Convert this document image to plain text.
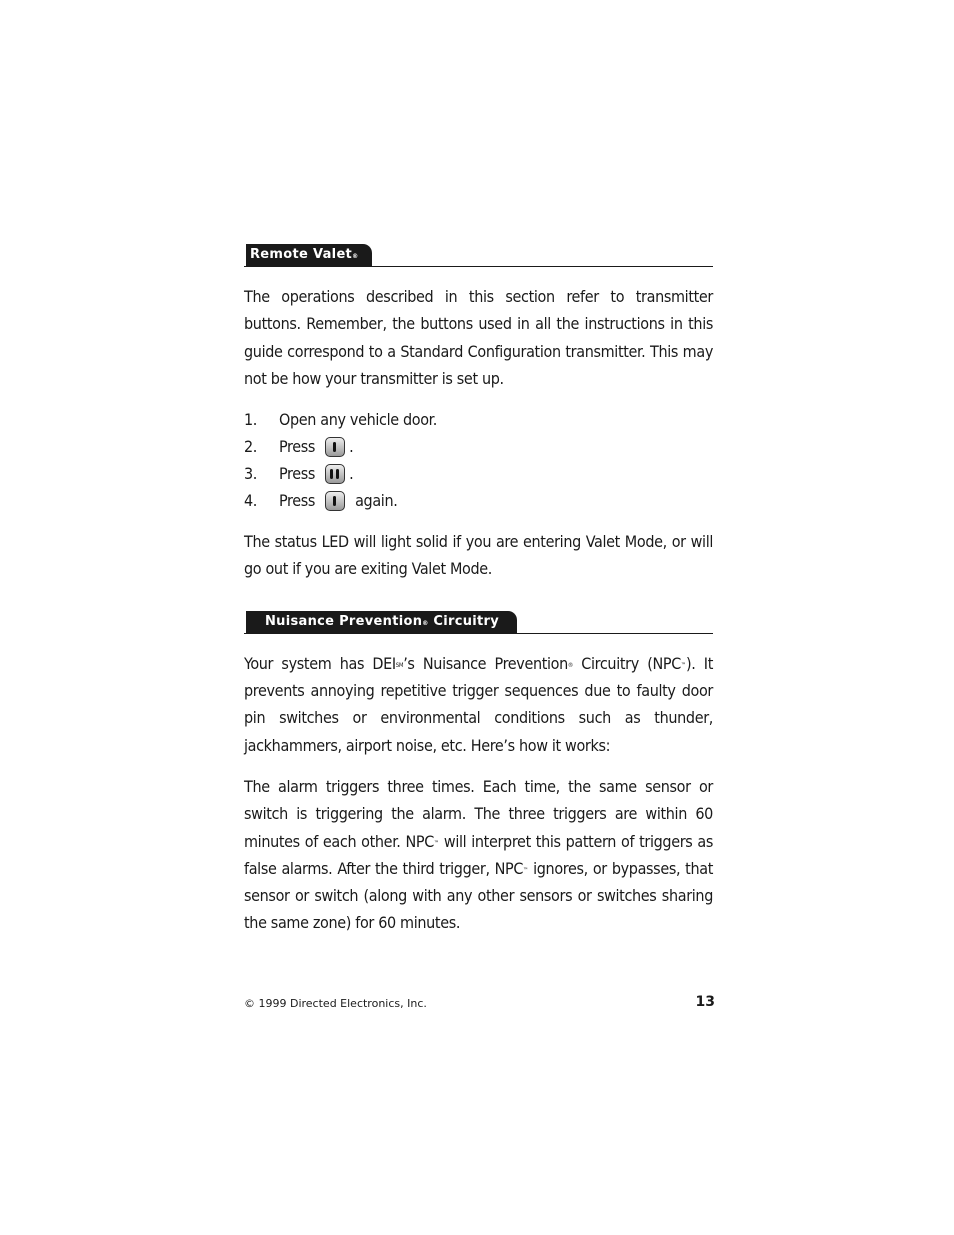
Remote Valet®

The operations described in this section refer to transmitter buttons. Remember, the buttons used in all the instructions in this guide correspond to a Standard Configuration transmitter. This may not be how your transmitter is set up.

1.	Open any vehicle door.
2.	Press .
3.	Press .
4.	Press	again.

The status LED will light solid if you are entering Valet Mode, or will go out if you are exiting Valet Mode.

Nuisance Prevention® Circuitry

Your system has DEI℠’s Nuisance Prevention® Circuitry (NPC™). It prevents annoying repetitive trigger sequences due to faulty door pin switches or environmental conditions such as thunder, jackhammers, airport noise, etc. Here’s how it works:

The alarm triggers three times. Each time, the same sensor or switch is triggering the alarm. The three triggers are within 60 minutes of each other. NPC™ will interpret this pattern of triggers as false alarms. After the third trigger, NPC™ ignores, or bypasses, that sensor or switch (along with any other sensors or switches sharing the same zone) for 60 minutes.

© 1999 Directed Electronics, Inc.	13
